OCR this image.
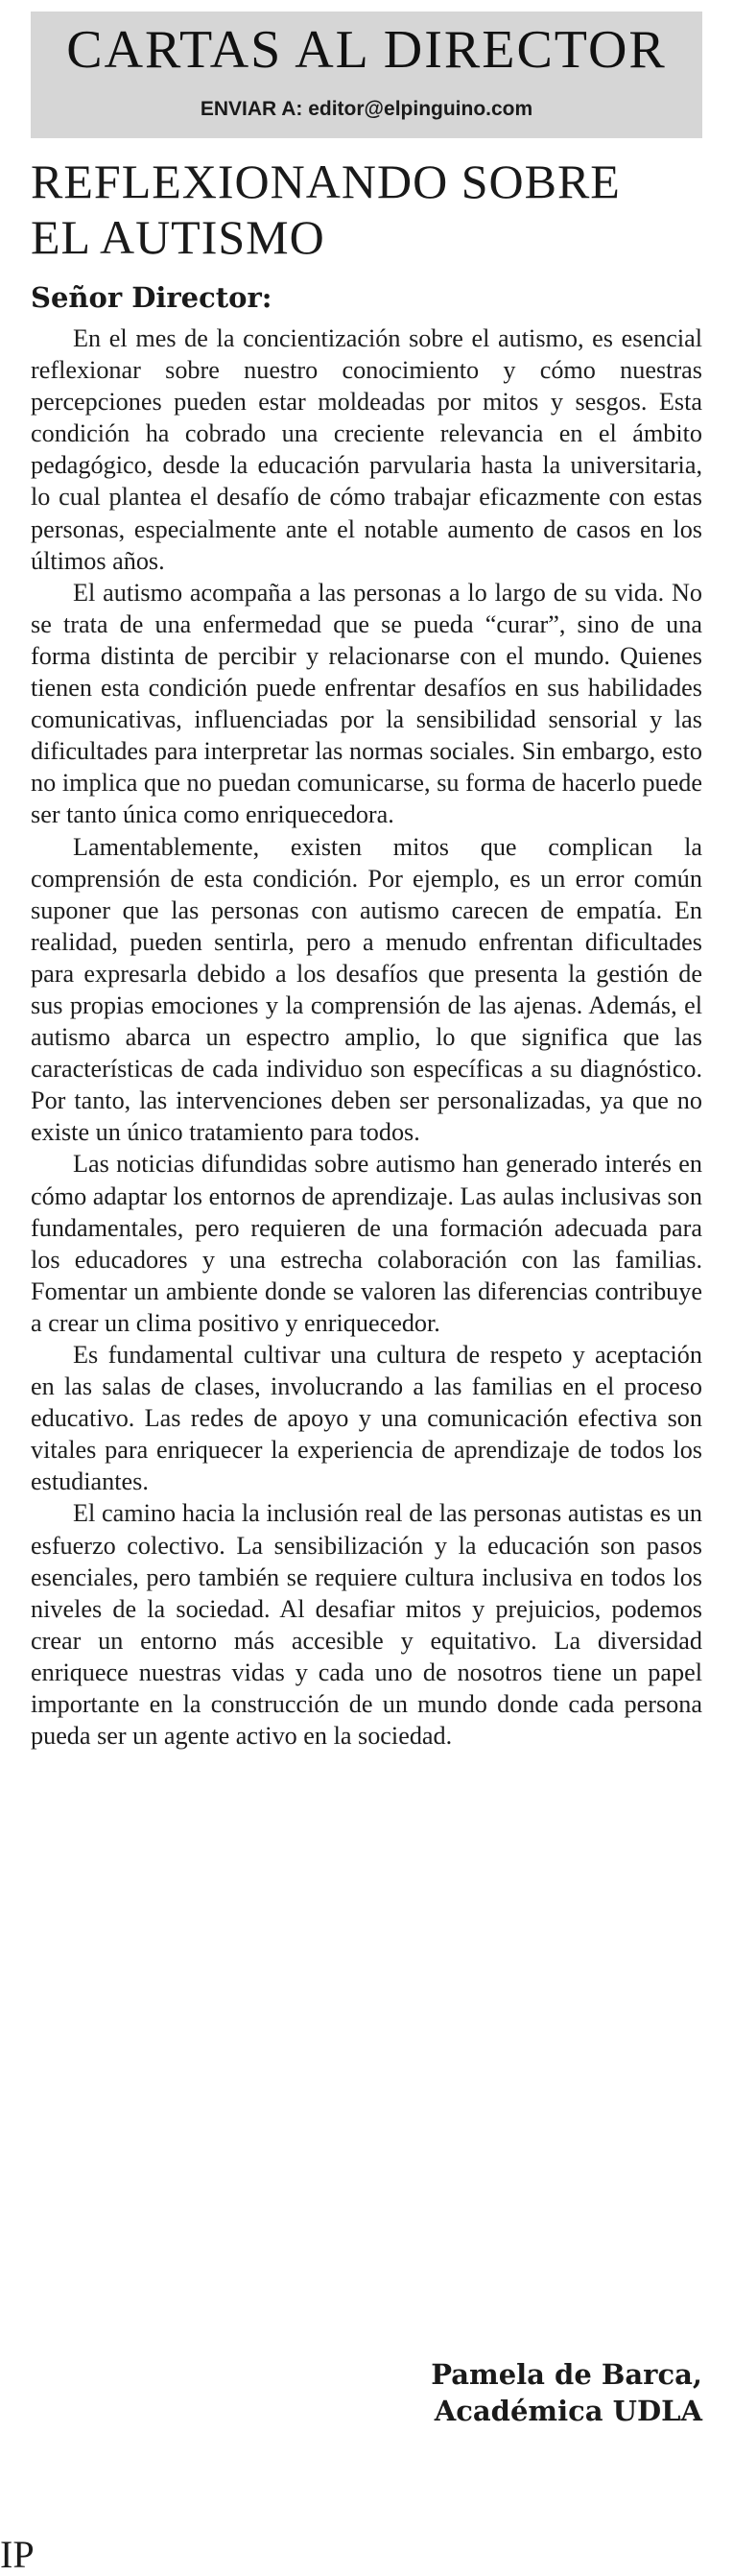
CARTAS AL DIRECTOR
ENVIAR A: editor@elpinguino.com
REFLEXIONANDO SOBRE
EL AUTISMO
Señor Director:

En el mes de la concientización sobre el autismo, es esencial reflexionar sobre nuestro conocimiento y cómo nuestras percepciones pueden estar moldeadas por mitos y sesgos. Esta condición ha cobrado una creciente relevancia en el ámbito pedagógico, desde la educación parvularia hasta la universitaria, lo cual plantea el desafío de cómo trabajar eficazmente con estas personas, especialmente ante el notable aumento de casos en los últimos años.

El autismo acompaña a las personas a lo largo de su vida. No se trata de una enfermedad que se pueda “curar”, sino de una forma distinta de percibir y relacionarse con el mundo. Quienes tienen esta condición puede enfrentar desafíos en sus habilidades comunicativas, influenciadas por la sensibilidad sensorial y las dificultades para interpretar las normas sociales. Sin embargo, esto no implica que no puedan comunicarse, su forma de hacerlo puede ser tanto única como enriquecedora.

Lamentablemente, existen mitos que complican la comprensión de esta condición. Por ejemplo, es un error común suponer que las personas con autismo carecen de empatía. En realidad, pueden sentirla, pero a menudo enfrentan dificultades para expresarla debido a los desafíos que presenta la gestión de sus propias emociones y la comprensión de las ajenas. Además, el autismo abarca un espectro amplio, lo que significa que las características de cada individuo son específicas a su diagnóstico. Por tanto, las intervenciones deben ser personalizadas, ya que no existe un único tratamiento para todos.

Las noticias difundidas sobre autismo han generado interés en cómo adaptar los entornos de aprendizaje. Las aulas inclusivas son fundamentales, pero requieren de una formación adecuada para los educadores y una estrecha colaboración con las familias. Fomentar un ambiente donde se valoren las diferencias contribuye a crear un clima positivo y enriquecedor.

Es fundamental cultivar una cultura de respeto y aceptación en las salas de clases, involucrando a las familias en el proceso educativo. Las redes de apoyo y una comunicación efectiva son vitales para enriquecer la experiencia de aprendizaje de todos los estudiantes.

El camino hacia la inclusión real de las personas autistas es un esfuerzo colectivo. La sensibilización y la educación son pasos esenciales, pero también se requiere cultura inclusiva en todos los niveles de la sociedad. Al desafiar mitos y prejuicios, podemos crear un entorno más accesible y equitativo. La diversidad enriquece nuestras vidas y cada uno de nosotros tiene un papel importante en la construcción de un mundo donde cada persona pueda ser un agente activo en la sociedad.

Pamela de Barca,
Académica UDLA
IP
